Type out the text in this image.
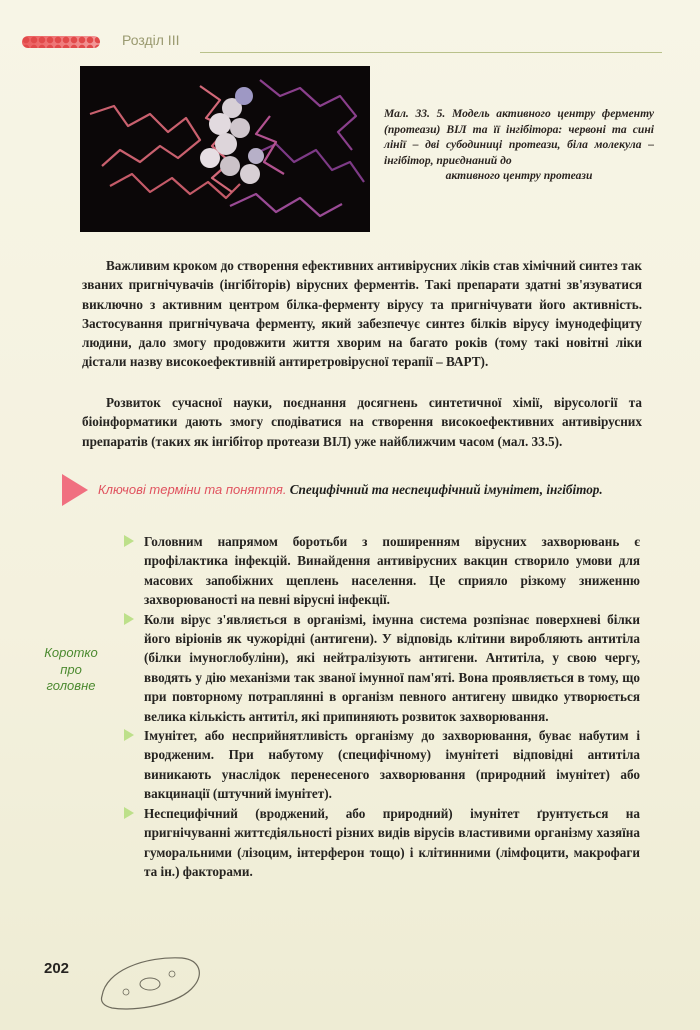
Розділ III
Мал. 33. 5. Модель активного центру ферменту (протеази) ВІЛ та її інгібітора: червоні та сині лінії – дві субодиниці протеази, біла молекула – інгібітор, приєднаний до
активного центру протеази

Важливим кроком до створення ефективних антивірусних ліків став хімічний синтез так званих пригнічувачів (інгібіторів) вірусних ферментів. Такі препарати здатні зв'язуватися виключно з активним центром білка-ферменту вірусу та пригнічувати його активність. Застосування пригнічувача ферменту, який забезпечує синтез білків вірусу імунодефіциту людини, дало змогу продовжити життя хворим на багато років (тому такі новітні ліки дістали назву високоефективній антиретровірусної терапії – ВАРТ).

Розвиток сучасної науки, поєднання досягнень синтетичної хімії, вірусології та біоінформатики дають змогу сподіватися на створення високоефективних антивірусних препаратів (таких як інгібітор протеази ВІЛ) уже найближчим часом (мал. 33.5).

Ключові терміни та поняття. Специфічний та неспецифічний імунітет, інгібітор.
Коротко
про
головне
Головним напрямом боротьби з поширенням вірусних захворювань є профілактика інфекцій. Винайдення антивірусних вакцин створило умови для масових запобіжних щеплень населення. Це сприяло різкому зниженню захворюваності на певні вірусні інфекції.
Коли вірус з'являється в організмі, імунна система розпізнає поверхневі білки його віріонів як чужорідні (антигени). У відповідь клітини виробляють антитіла (білки імуноглобуліни), які нейтралізують антигени. Антитіла, у свою чергу, вводять у дію механізми так званої імунної пам'яті. Вона проявляється в тому, що при повторному потраплянні в організм певного антигену швидко утворюється велика кількість антитіл, які припиняють розвиток захворювання.
Імунітет, або несприйнятливість організму до захворювання, буває набутим і вродженим. При набутому (специфічному) імунітеті відповідні антитіла виникають унаслідок перенесеного захворювання (природний імунітет) або вакцинації (штучний імунітет).
Неспецифічний (вроджений, або природний) імунітет ґрунтується на пригнічуванні життєдіяльності різних видів вірусів властивими організму хазяїна гуморальними (лізоцим, інтерферон тощо) і клітинними (лімфоцити, макрофаги та ін.) факторами.
202
